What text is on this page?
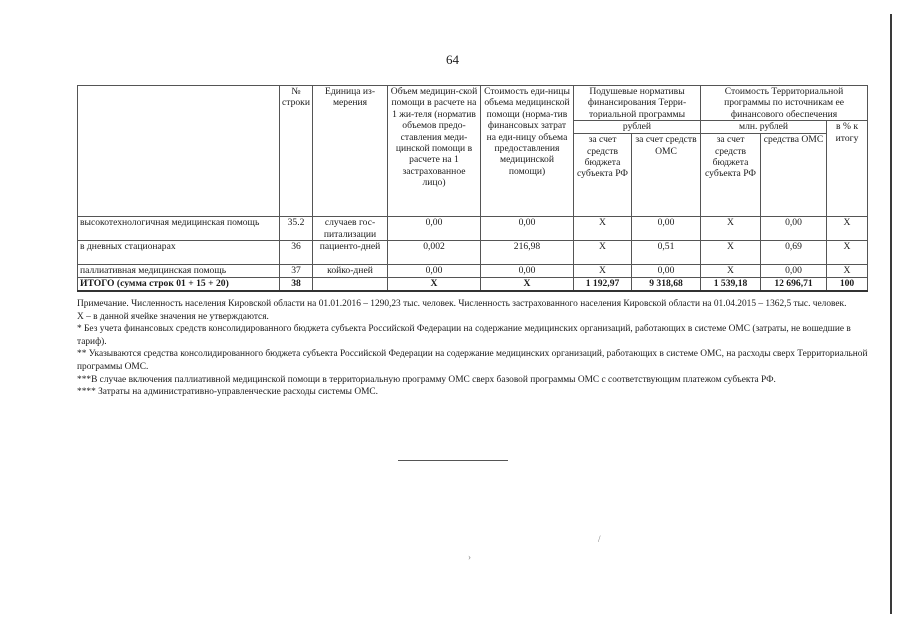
64
	№ строки	Единица из-мерения	Объем медицин-ской помощи в расчете на 1 жи-теля (норматив объемов предо-ставления меди-цинской помощи в расчете на 1 застрахованное лицо)	Стоимость еди-ницы объема медицинской помощи (норма-тив финансовых затрат на еди-ницу объема предоставления медицинской помощи)	Подушевые нормативы финансирования Терри-ториальной программы		Стоимость Территориальной программы по источникам ее финансового обеспечения		
					рублей		млн. рублей		в % к итогу
					за счет средств бюджета субъекта РФ	за счет средств ОМС	за счет средств бюджета субъекта РФ	средства ОМС	
высокотехнологичная медицинская помощь	35.2	случаев гос-питализации	0,00	0,00	X	0,00	X	0,00	X
в дневных стационарах	36	пациенто-дней	0,002	216,98	X	0,51	X	0,69	X
паллиативная медицинская помощь	37	койко-дней	0,00	0,00	X	0,00	X	0,00	X
ИТОГО (сумма строк 01 + 15 + 20)	38		X	X	1 192,97	9 318,68	1 539,18	12 696,71	100

Примечание. Численность населения Кировской области на 01.01.2016 – 1290,23 тыс. человек. Численность застрахованного населения Кировской области на 01.04.2015 – 1362,5 тыс. человек.

X – в данной ячейке значения не утверждаются.

* Без учета финансовых средств консолидированного бюджета субъекта Российской Федерации на содержание медицинских организаций, работающих в системе ОМС (затраты, не вошедшие в тариф).

** Указываются средства консолидированного бюджета субъекта Российской Федерации на содержание медицинских организаций, работающих в системе ОМС, на расходы сверх Территориальной программы ОМС.

***В случае включения паллиативной медицинской помощи в территориальную программу ОМС сверх базовой программы ОМС с соответствующим платежом субъекта РФ.

**** Затраты на административно-управленческие расходы системы ОМС.

/
›
